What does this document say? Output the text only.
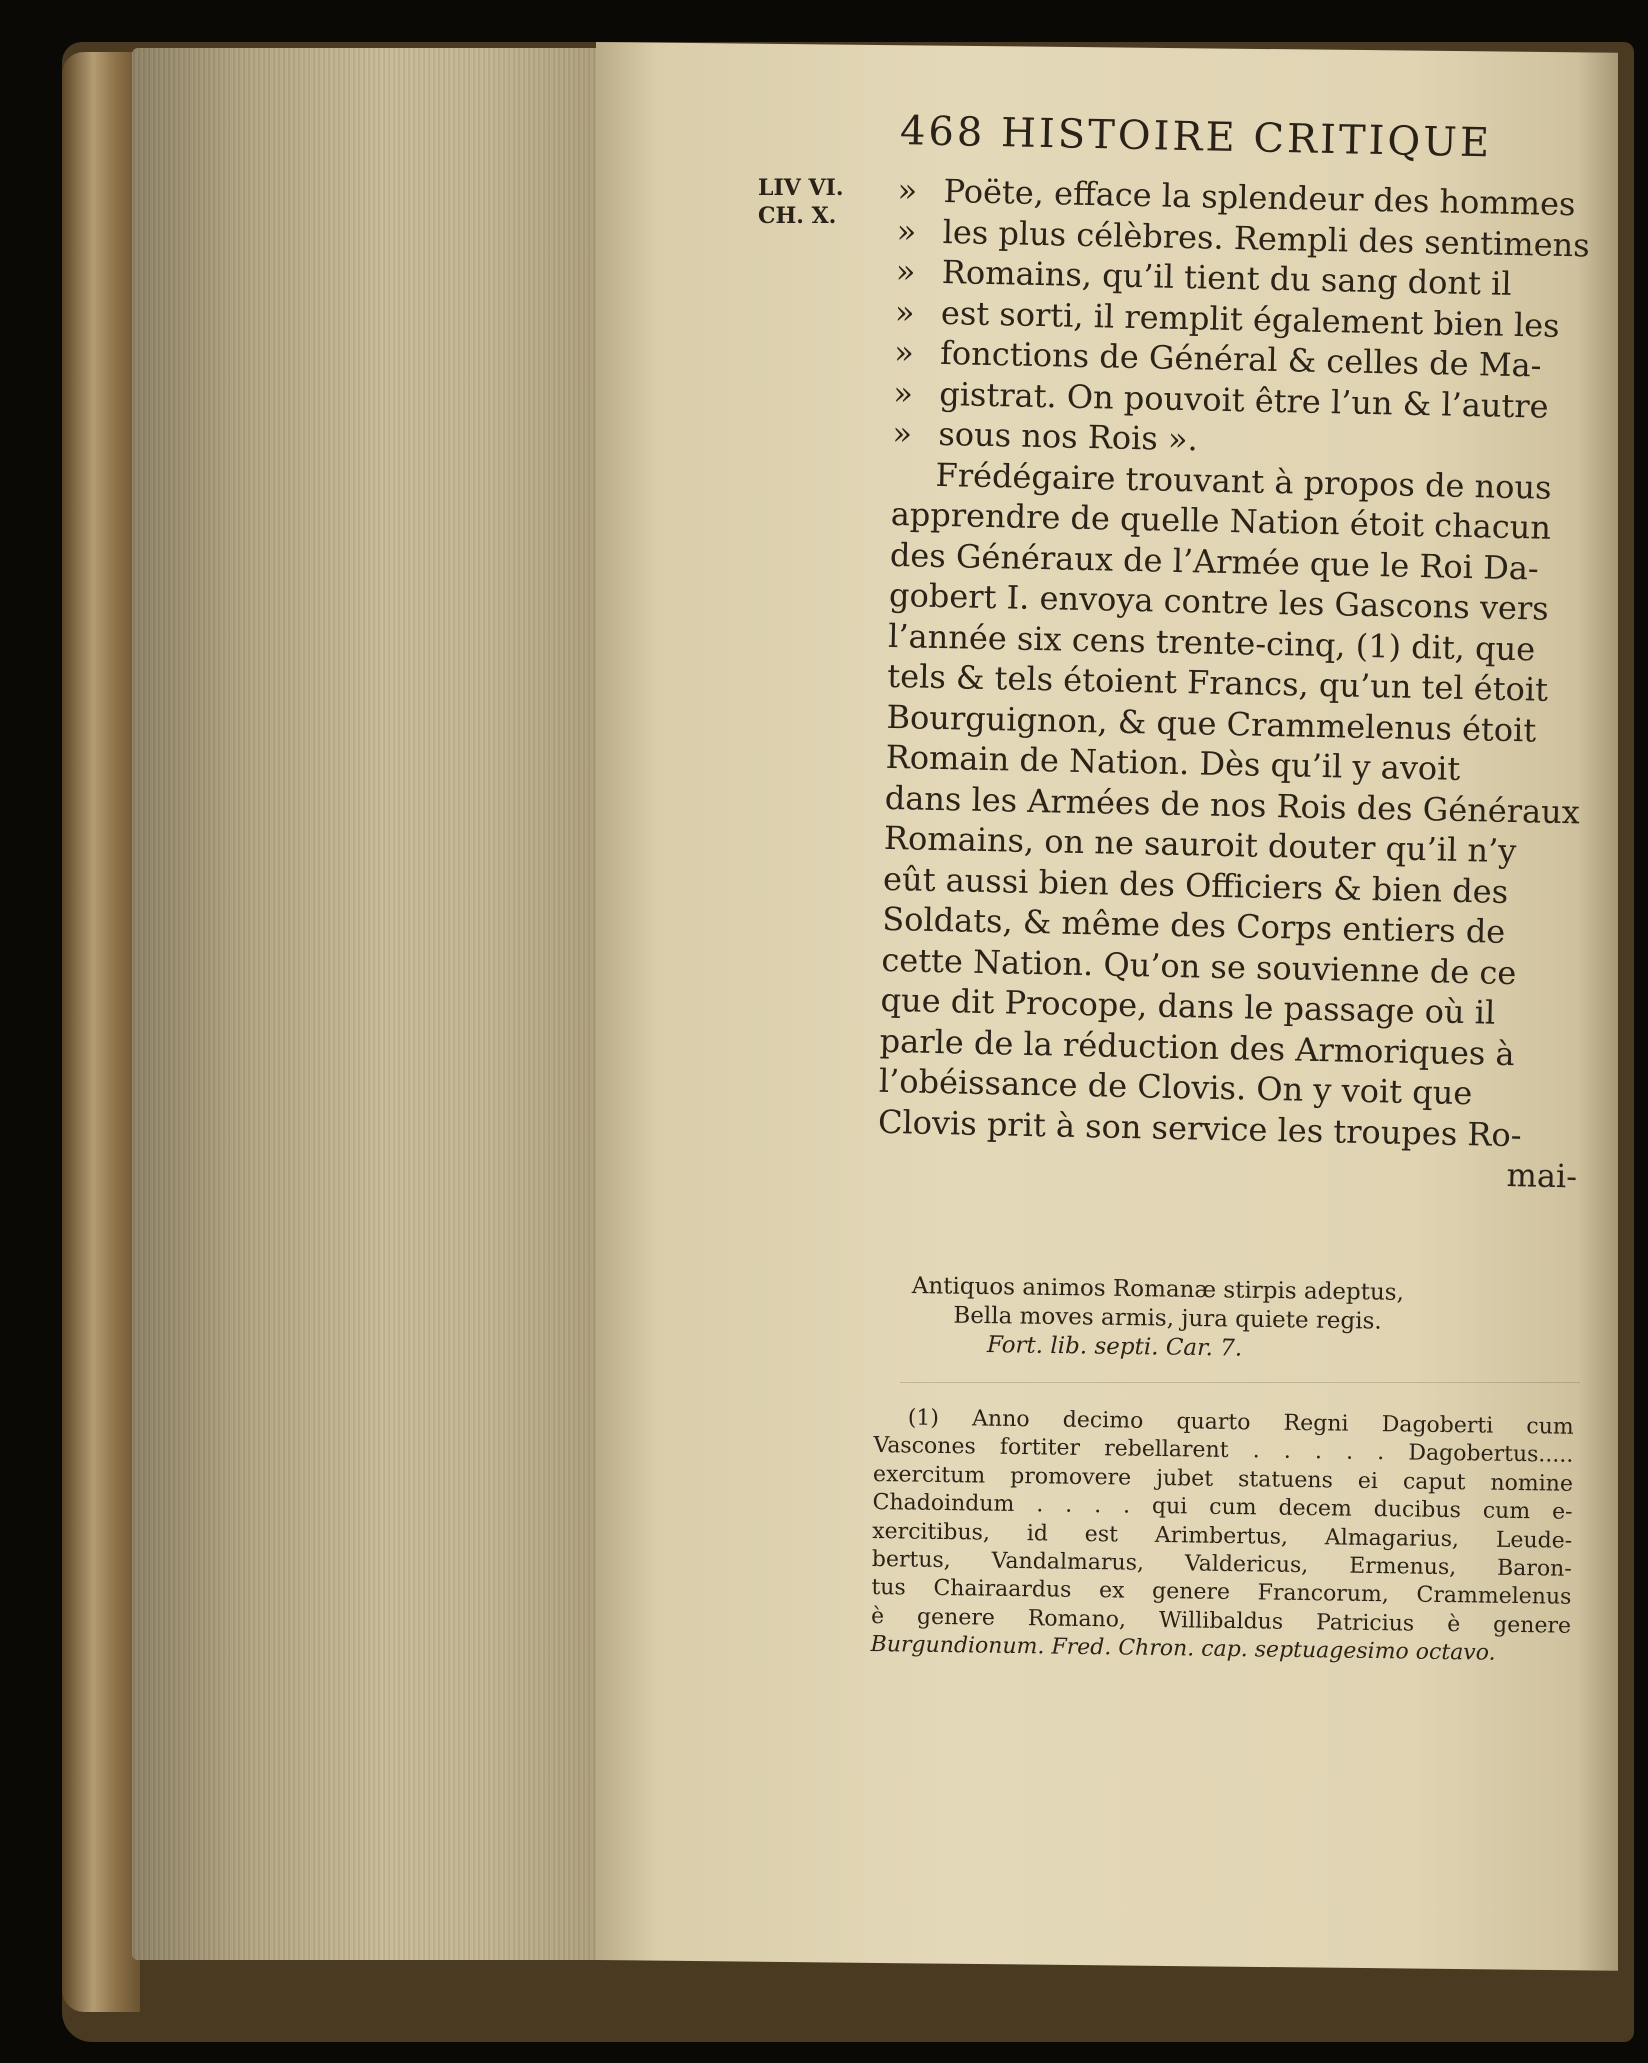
468 HISTOIRE CRITIQUE
LIV VI.
CH. X.
» Poëte, efface la splendeur des hommes
» les plus célèbres. Rempli des sentimens
» Romains, qu’il tient du sang dont il
» est sorti, il remplit également bien les
» fonctions de Général & celles de Ma-
» gistrat. On pouvoit être l’un & l’autre
» sous nos Rois ».
Frédégaire trouvant à propos de nous
apprendre de quelle Nation étoit chacun
des Généraux de l’Armée que le Roi Da-
gobert I. envoya contre les Gascons vers
l’année six cens trente-cinq, (1) dit, que
tels & tels étoient Francs, qu’un tel étoit
Bourguignon, & que Crammelenus étoit
Romain de Nation. Dès qu’il y avoit
dans les Armées de nos Rois des Généraux
Romains, on ne sauroit douter qu’il n’y
eût aussi bien des Officiers & bien des
Soldats, & même des Corps entiers de
cette Nation. Qu’on se souvienne de ce
que dit Procope, dans le passage où il
parle de la réduction des Armoriques à
l’obéissance de Clovis. On y voit que
Clovis prit à son service les troupes Ro-
mai-
Antiquos animos Romanæ stirpis adeptus,
Bella moves armis, jura quiete regis.
Fort. lib. septi. Car. 7.
(1) Anno decimo quarto Regni Dagoberti cum
Vascones fortiter rebellarent . . . . . Dagobertus.....
exercitum promovere jubet statuens ei caput nomine
Chadoindum . . . . qui cum decem ducibus cum e-
xercitibus, id est Arimbertus, Almagarius, Leude-
bertus, Vandalmarus, Valdericus, Ermenus, Baron-
tus Chairaardus ex genere Francorum, Crammelenus
è genere Romano, Willibaldus Patricius è genere
Burgundionum. Fred. Chron. cap. septuagesimo octavo.
